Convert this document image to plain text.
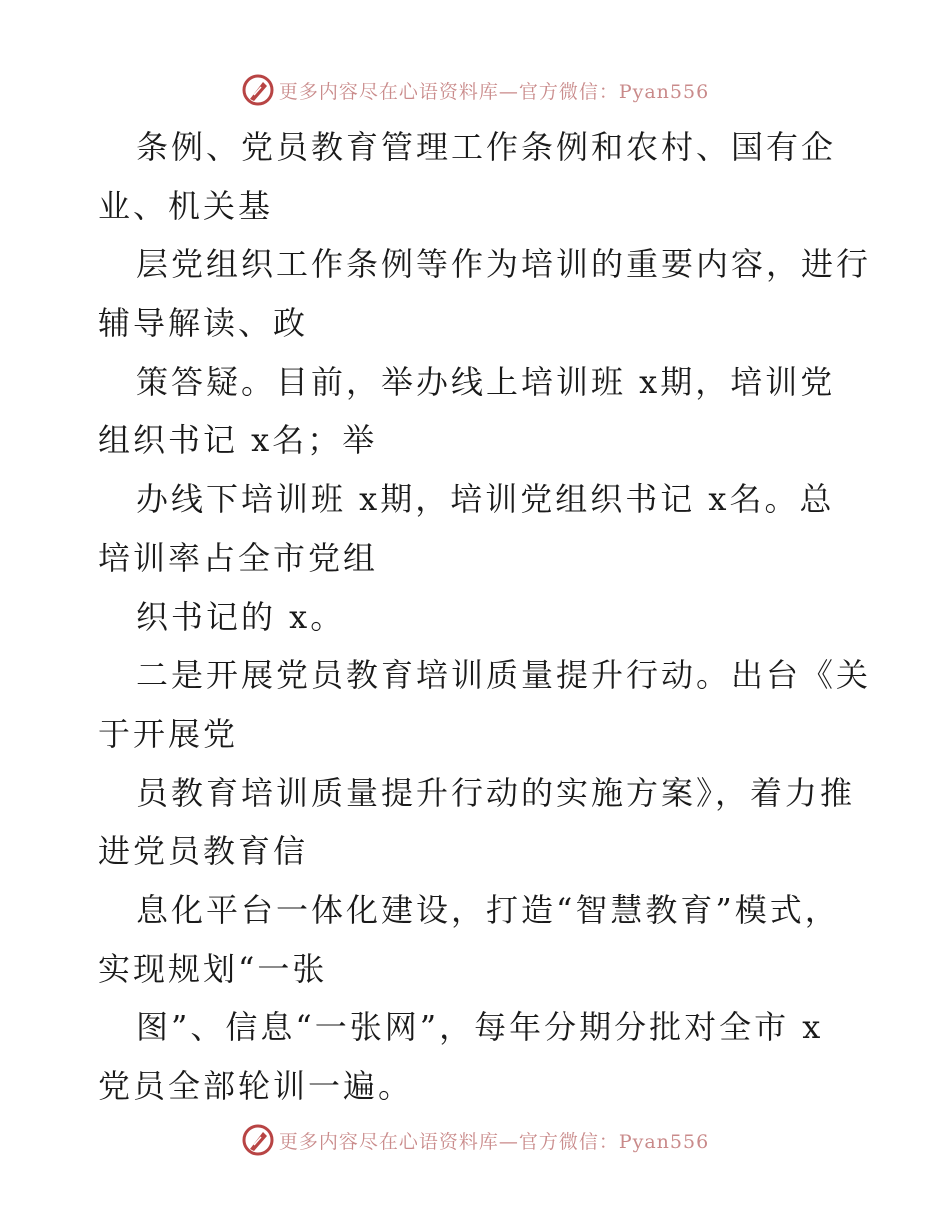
更多内容尽在心语资料库—官方微信：Pyan556
条例、党员教育管理工作条例和农村、国有企
业、机关基
层党组织工作条例等作为培训的重要内容，进行
辅导解读、政
策答疑。目前，举办线上培训班 x期，培训党
组织书记 x名；举
办线下培训班 x期，培训党组织书记 x名。总
培训率占全市党组
织书记的 x。
二是开展党员教育培训质量提升行动。出台《关
于开展党
员教育培训质量提升行动的实施方案》，着力推
进党员教育信
息化平台一体化建设，打造“智慧教育”模式，
实现规划“一张
图”、信息“一张网”，每年分期分批对全市 x
党员全部轮训一遍。
更多内容尽在心语资料库—官方微信：Pyan556
